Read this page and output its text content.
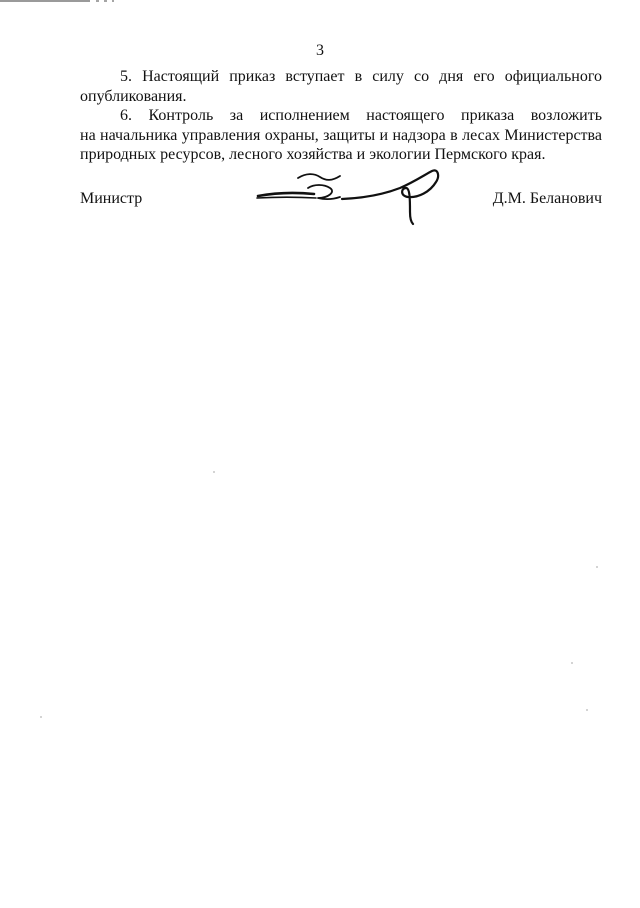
3

5. Настоящий приказ вступает в силу со дня его официального
опубликования.

6. Контроль за исполнением настоящего приказа возложить
на начальника управления охраны, защиты и надзора в лесах Министерства природных ресурсов, лесного хозяйства и экологии Пермского края.

Министр	Д.М. Беланович
